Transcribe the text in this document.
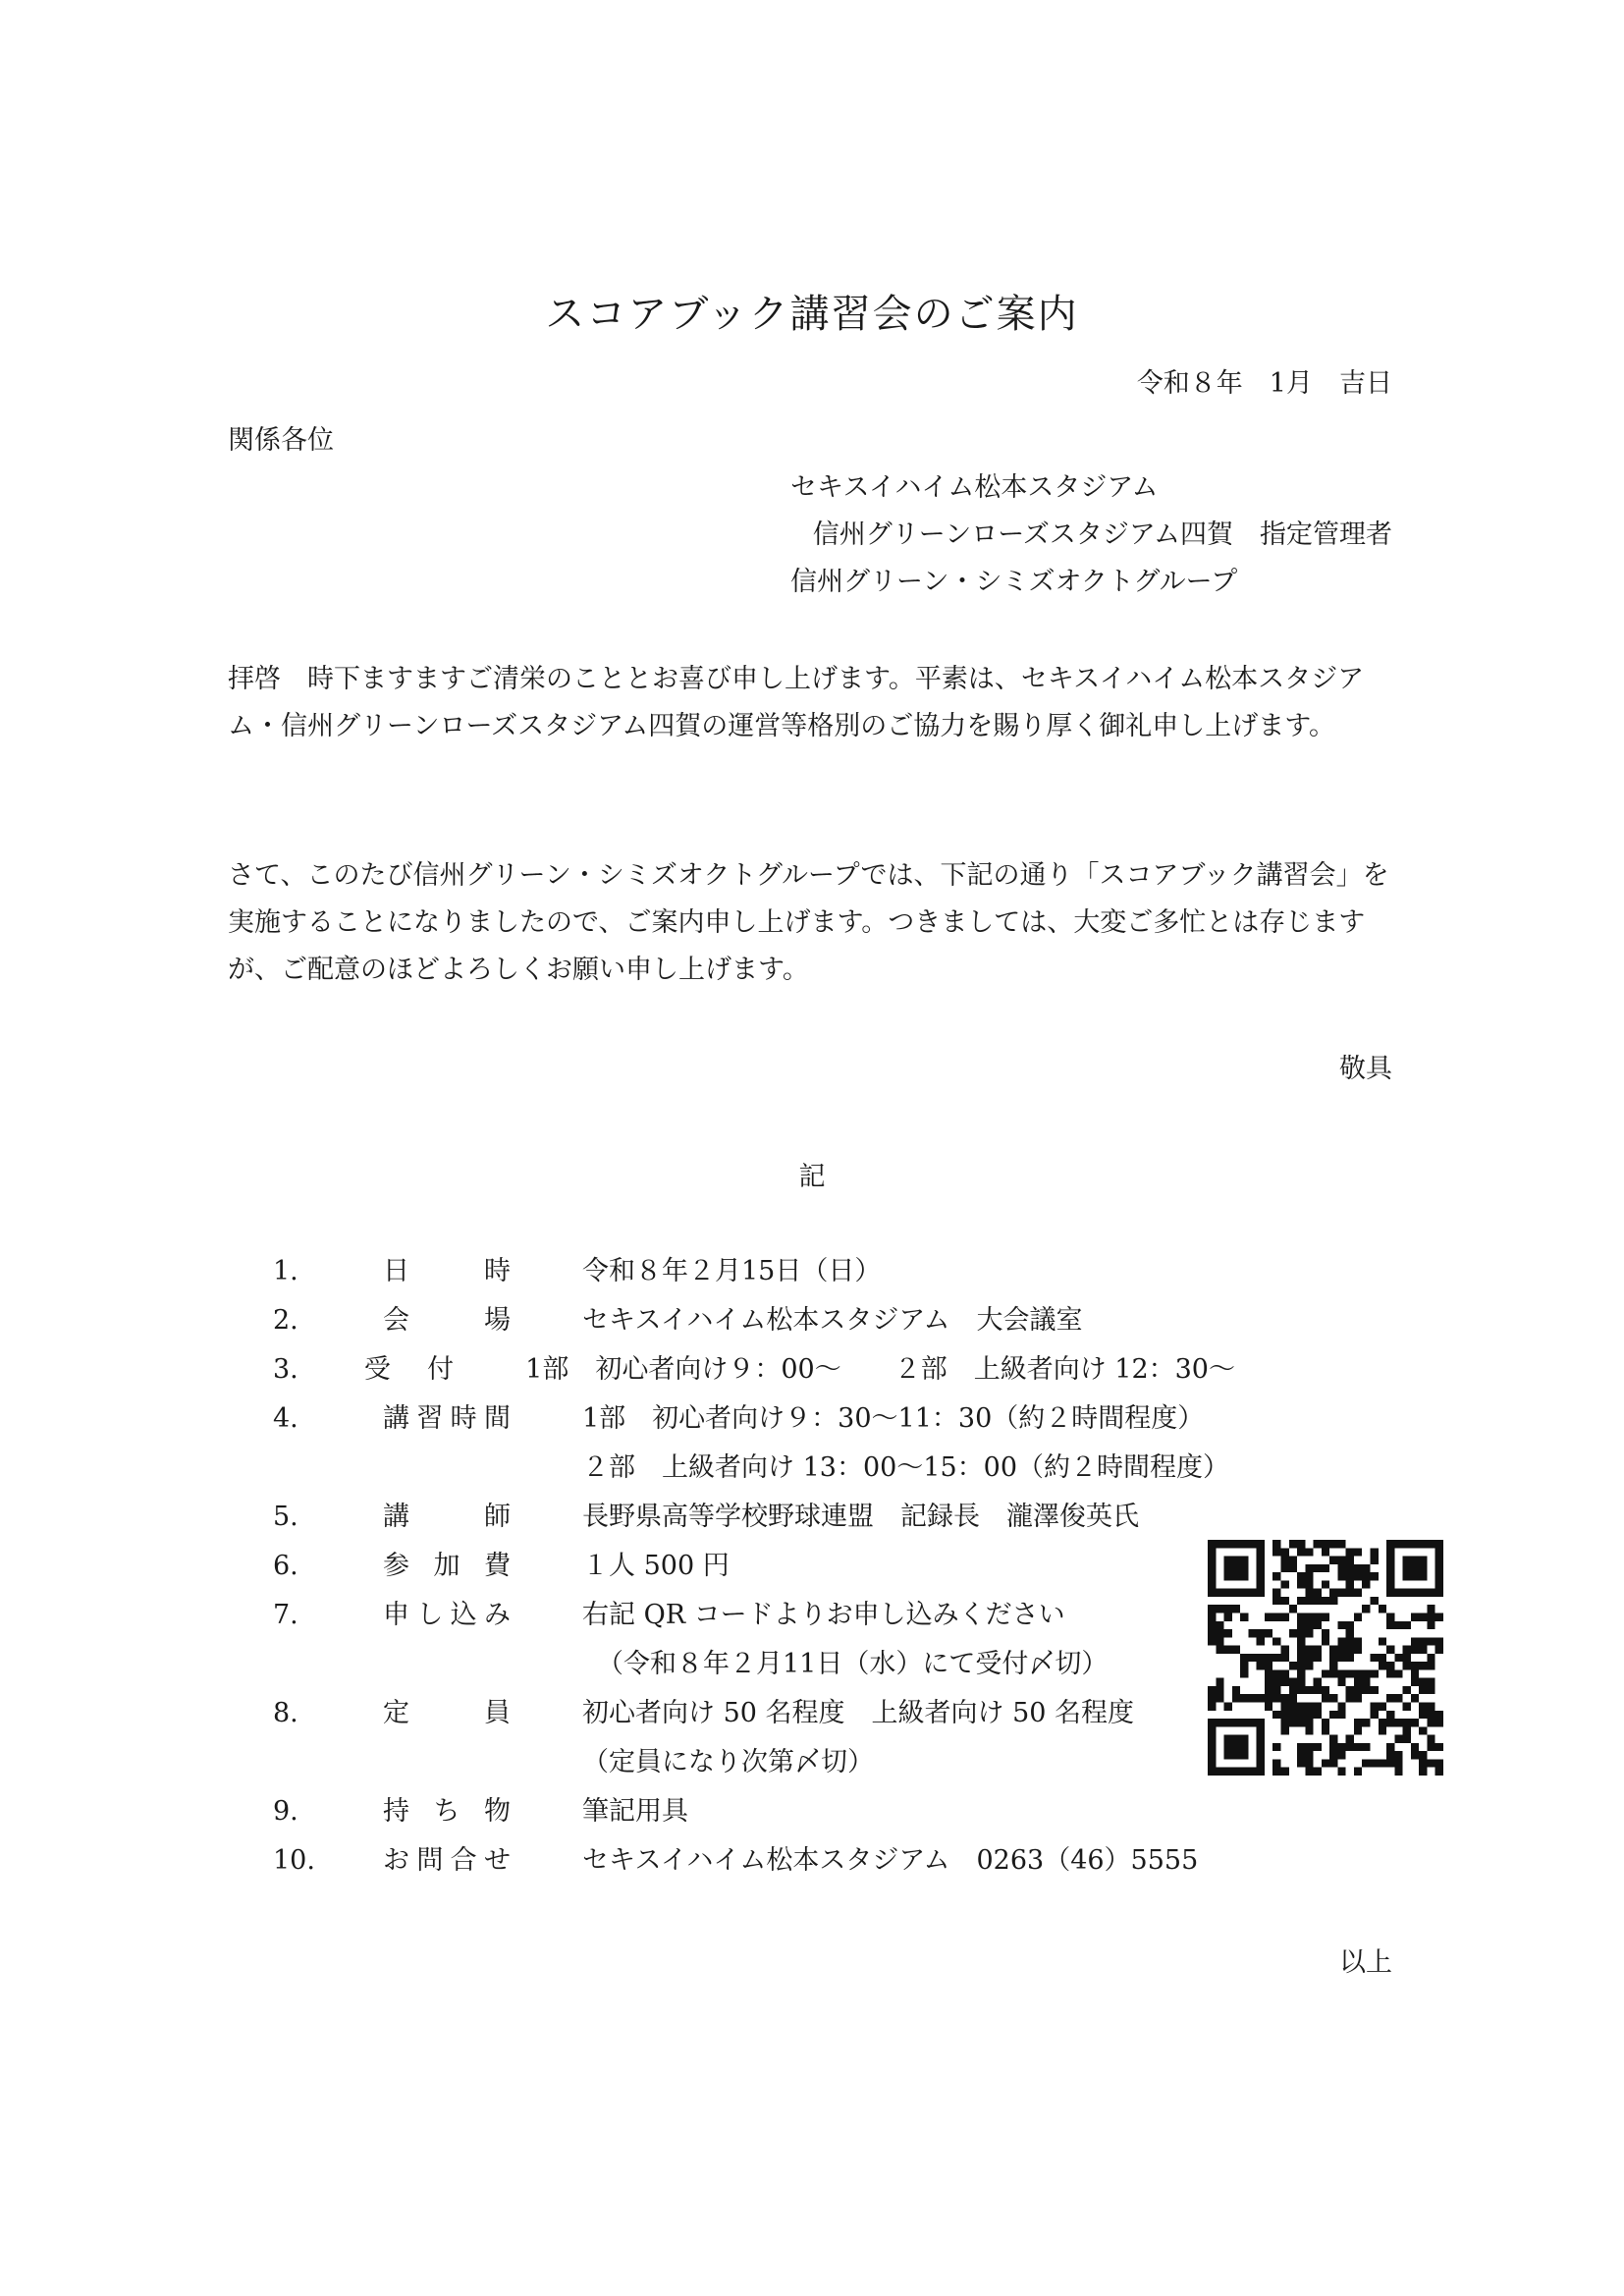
スコアブック講習会のご案内
令和８年　1月　吉日
関係各位
セキスイハイム松本スタジアム
信州グリーンローズスタジアム四賀　指定管理者
信州グリーン・シミズオクトグループ
拝啓　時下ますますご清栄のこととお喜び申し上げます。平素は、セキスイハイム松本スタジアム・信州グリーンローズスタジアム四賀の運営等格別のご協力を賜り厚く御礼申し上げます。
さて、このたび信州グリーン・シミズオクトグループでは、下記の通り「スコアブック講習会」を実施することになりましたので、ご案内申し上げます。つきましては、大変ご多忙とは存じますが、ご配意のほどよろしくお願い申し上げます。
敬具
記
1.	日時	令和８年２月15日（日）
2.	会場	セキスイハイム松本スタジアム　大会議室
3.	受付	1部　初心者向け９：00～　　２部　上級者向け 12：30～
4.	講習時間	1部　初心者向け９：30～11：30（約２時間程度）
２部　上級者向け 13：00～15：00（約２時間程度）
5.	講師	長野県高等学校野球連盟　記録長　瀧澤俊英氏
6.	参加費	１人 500 円
7.	申し込み	右記 QR コードよりお申し込みください
（令和８年２月11日（水）にて受付〆切）
8.	定員	初心者向け 50 名程度　上級者向け 50 名程度
（定員になり次第〆切）
9.	持ち物	筆記用具
10.	お問合せ	セキスイハイム松本スタジアム　0263（46）5555
以上
